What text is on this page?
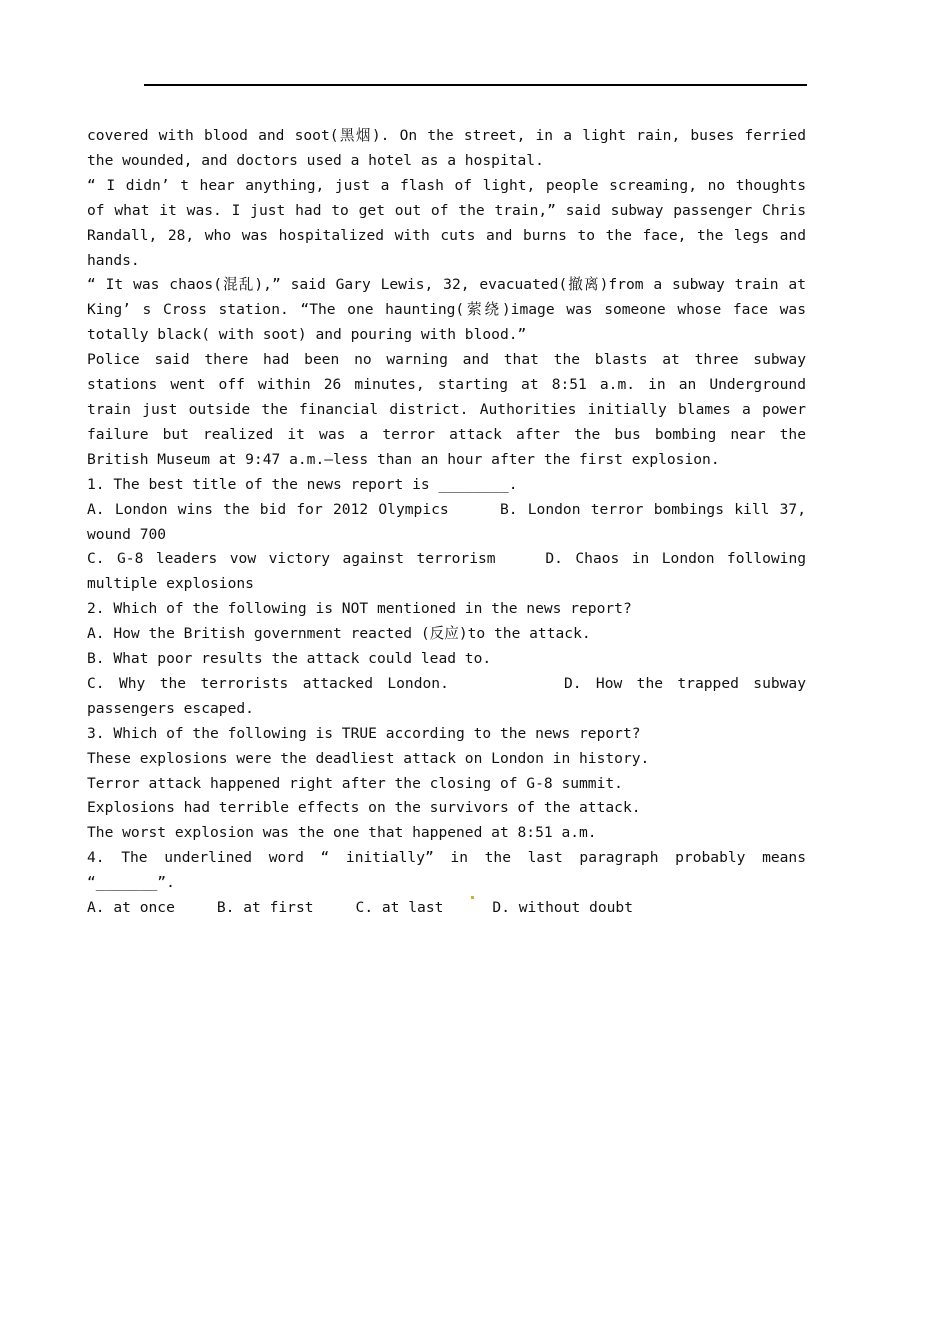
covered with blood and soot(黑烟). On the street, in a light rain, buses ferried the wounded, and doctors used a hotel as a hospital.

“ I didn’ t hear anything, just a flash of light, people screaming, no thoughts of what it was. I just had to get out of the train,” said subway passenger Chris Randall, 28, who was hospitalized with cuts and burns to the face, the legs and hands.

“ It was chaos(混乱),” said Gary Lewis, 32, evacuated(撤离)from a subway train at King’ s Cross station. “The one haunting(萦绕)image was someone whose face was totally black( with soot) and pouring with blood.”

Police said there had been no warning and that the blasts at three subway stations went off within 26 minutes, starting at 8:51 a.m. in an Underground train just outside the financial district. Authorities initially blames a power failure but realized it was a terror attack after the bus bombing near the British Museum at 9:47 a.m.—less than an hour after the first explosion.

1. The best title of the news report is ________.

A. London wins the bid for 2012 Olympics	B. London terror bombings kill 37, wound 700

C. G-8 leaders vow victory against terrorism	D. Chaos in London following multiple explosions

2. Which of the following is NOT mentioned in the news report?

A. How the British government reacted (反应)to the attack.

B. What poor results the attack could lead to.

C. Why the terrorists attacked London.	D. How the trapped subway passengers escaped.

3. Which of the following is TRUE according to the news report?

These explosions were the deadliest attack on London in history.

Terror attack happened right after the closing of G-8 summit.

Explosions had terrible effects on the survivors of the attack.

The worst explosion was the one that happened at 8:51 a.m.

4. The underlined word “ initially” in the last paragraph probably means “_______”.

A. at once	B. at first	C. at last	D. without doubt
